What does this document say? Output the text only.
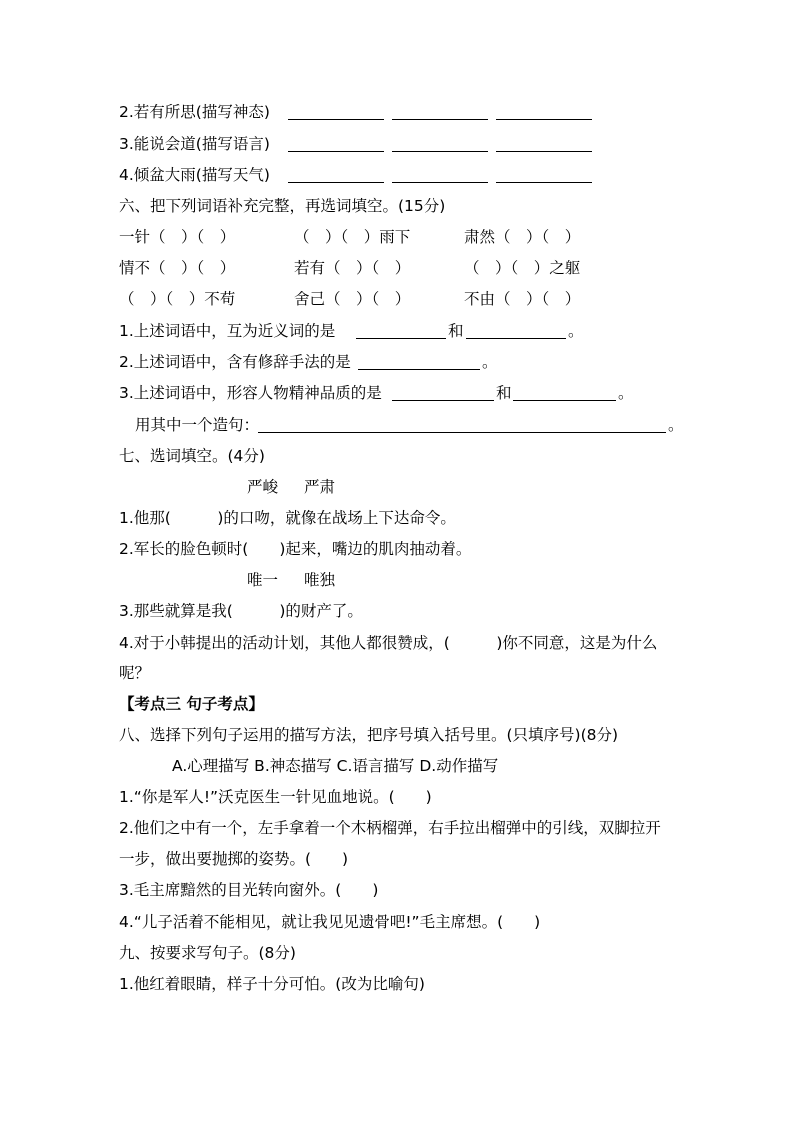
2.若有所思(描写神态)
3.能说会道(描写语言)
4.倾盆大雨(描写天气)
六、把下列词语补充完整，再选词填空。(15分)
一针（　）（　）	（　）（　）雨下	肃然（　）（　）
情不（　）（　）	若有（　）（　）	（　）（　）之躯
（　）（　）不苟	舍己（　）（　）	不由（　）（　）
1.上述词语中，互为近义词的是	和	。
2.上述词语中，含有修辞手法的是	。
3.上述词语中，形容人物精神品质的是	和	。
用其中一个造句：	。
七、选词填空。(4分)
严峻 严肃
1.他那(　　　)的口吻，就像在战场上下达命令。
2.军长的脸色顿时(　　)起来，嘴边的肌肉抽动着。
唯一 唯独
3.那些就算是我(　　　)的财产了。
4.对于小韩提出的活动计划，其他人都很赞成，(　　　)你不同意，这是为什么
呢？
【考点三 句子考点】
八、选择下列句子运用的描写方法，把序号填入括号里。(只填序号)(8分)
A.心理描写 B.神态描写 C.语言描写 D.动作描写
1.“你是军人!”沃克医生一针见血地说。(　　)
2.他们之中有一个，左手拿着一个木柄榴弹，右手拉出榴弹中的引线，双脚拉开
一步，做出要抛掷的姿势。(　　)
3.毛主席黯然的目光转向窗外。(　　)
4.“儿子活着不能相见，就让我见见遗骨吧!”毛主席想。(　　)
九、按要求写句子。(8分)
1.他红着眼睛，样子十分可怕。(改为比喻句)
